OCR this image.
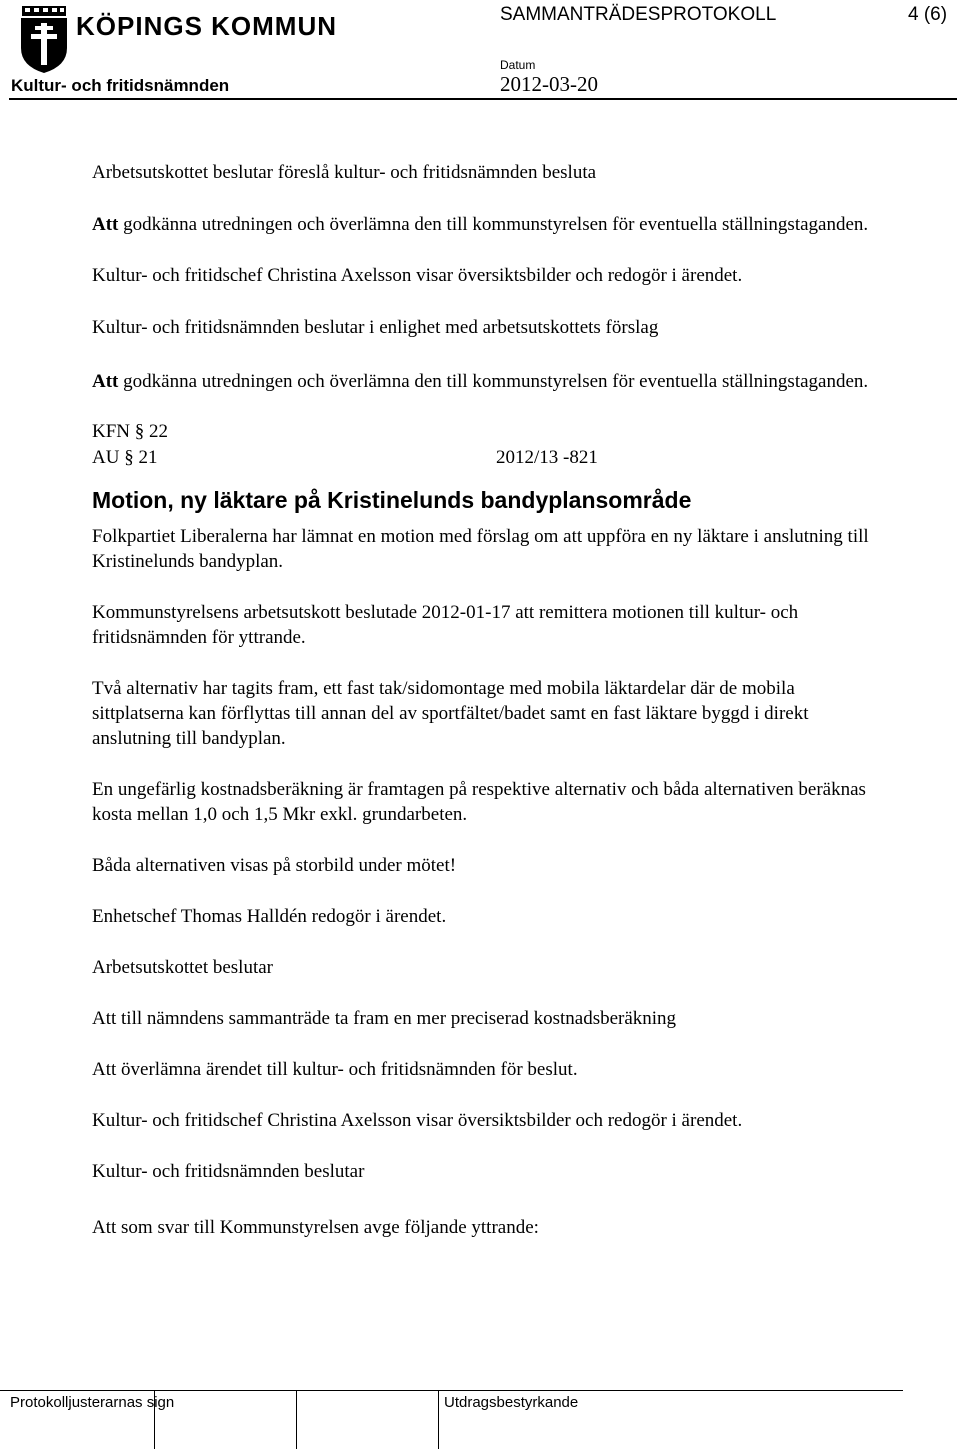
KÖPINGS KOMMUN	SAMMANTRÄDESPROTOKOLL	4 (6)
Kultur- och fritidsnämnden
Datum
2012-03-20

Arbetsutskottet beslutar föreslå kultur- och fritidsnämnden besluta

Att godkänna utredningen och överlämna den till kommunstyrelsen för eventuella ställningstaganden.

Kultur- och fritidschef Christina Axelsson visar översiktsbilder och redogör i ärendet.

Kultur- och fritidsnämnden beslutar i enlighet med arbetsutskottets förslag

Att godkänna utredningen och överlämna den till kommunstyrelsen för eventuella ställningstaganden.

KFN § 22
AU § 21	2012/13 -821

Motion, ny läktare på Kristinelunds bandyplansområde

Folkpartiet Liberalerna har lämnat en motion med förslag om att uppföra en ny läktare i anslutning till Kristinelunds bandyplan.

Kommunstyrelsens arbetsutskott beslutade 2012-01-17 att remittera motionen till kultur- och fritidsnämnden för yttrande.

Två alternativ har tagits fram, ett fast tak/sidomontage med mobila läktardelar där de mobila sittplatserna kan förflyttas till annan del av sportfältet/badet samt en fast läktare byggd i direkt anslutning till bandyplan.

En ungefärlig kostnadsberäkning är framtagen på respektive alternativ och båda alternativen beräknas kosta mellan 1,0 och 1,5 Mkr exkl. grundarbeten.

Båda alternativen visas på storbild under mötet!

Enhetschef Thomas Halldén redogör i ärendet.

Arbetsutskottet beslutar

Att till nämndens sammanträde ta fram en mer preciserad kostnadsberäkning

Att överlämna ärendet till kultur- och fritidsnämnden för beslut.

Kultur- och fritidschef Christina Axelsson visar översiktsbilder och redogör i ärendet.

Kultur- och fritidsnämnden beslutar

Att som svar till Kommunstyrelsen avge följande yttrande:

Protokolljusterarnas sign	Utdragsbestyrkande
